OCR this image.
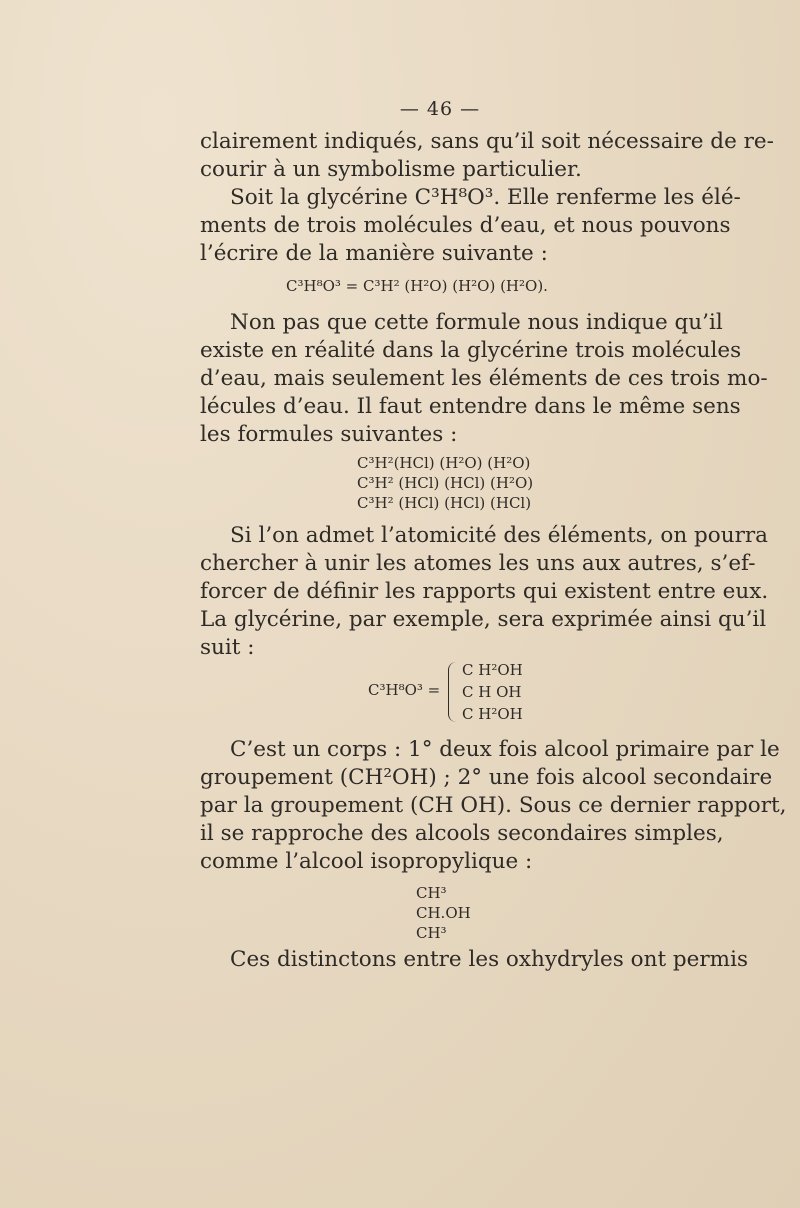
— 46 —
clairement indiqués, sans qu’il soit nécessaire de re-
courir à un symbolisme particulier.
Soit la glycérine C³H⁸O³. Elle renferme les élé-
ments de trois molécules d’eau, et nous pouvons
l’écrire de la manière suivante :
C³H⁸O³ = C³H² (H²O) (H²O) (H²O).
Non pas que cette formule nous indique qu’il
existe en réalité dans la glycérine trois molécules
d’eau, mais seulement les éléments de ces trois mo-
lécules d’eau. Il faut entendre dans le même sens
les formules suivantes :
C³H²(HCl) (H²O) (H²O)
C³H² (HCl) (HCl) (H²O)
C³H² (HCl) (HCl) (HCl)
Si l’on admet l’atomicité des éléments, on pourra
chercher à unir les atomes les uns aux autres, s’ef-
forcer de définir les rapports qui existent entre eux.
La glycérine, par exemple, sera exprimée ainsi qu’il
suit :
C³H⁸O³ =
C H²OH
C H OH
C H²OH
C’est un corps : 1° deux fois alcool primaire par le
groupement (CH²OH) ; 2° une fois alcool secondaire
par la groupement (CH OH). Sous ce dernier rapport,
il se rapproche des alcools secondaires simples,
comme l’alcool isopropylique :
CH³
CH.OH
CH³
Ces distinctons entre les oxhydryles ont permis
